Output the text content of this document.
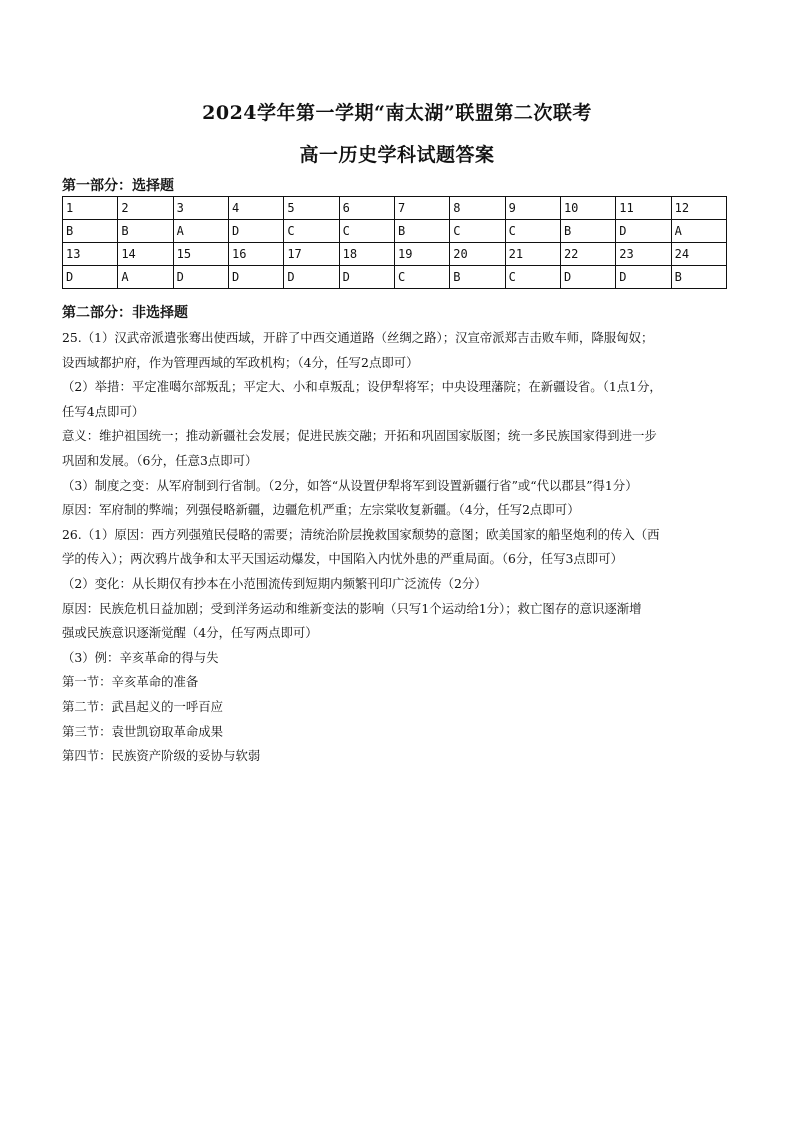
2024学年第一学期“南太湖”联盟第二次联考
高一历史学科试题答案
第一部分：选择题
1	2	3	4	5	6	7	8	9	10	11	12
B	B	A	D	C	C	B	C	C	B	D	A
13	14	15	16	17	18	19	20	21	22	23	24
D	A	D	D	D	D	C	B	C	D	D	B
第二部分：非选择题

25.（1）汉武帝派遣张骞出使西域，开辟了中西交通道路（丝绸之路）；汉宣帝派郑吉击败车师，降服匈奴；

设西域都护府，作为管理西域的军政机构；（4分，任写2点即可）

（2）举措：平定准噶尔部叛乱；平定大、小和卓叛乱；设伊犁将军；中央设理藩院；在新疆设省。（1点1分，

任写4点即可）

意义：维护祖国统一；推动新疆社会发展；促进民族交融；开拓和巩固国家版图；统一多民族国家得到进一步

巩固和发展。（6分，任意3点即可）

（3）制度之变：从军府制到行省制。（2分，如答“从设置伊犁将军到设置新疆行省”或“代以郡县”得1分）

原因：军府制的弊端；列强侵略新疆，边疆危机严重；左宗棠收复新疆。（4分，任写2点即可）

26.（1）原因：西方列强殖民侵略的需要；清统治阶层挽救国家颓势的意图；欧美国家的船坚炮利的传入（西

学的传入）；两次鸦片战争和太平天国运动爆发，中国陷入内忧外患的严重局面。（6分，任写3点即可）

（2）变化：从长期仅有抄本在小范围流传到短期内频繁刊印广泛流传（2分）

原因：民族危机日益加剧；受到洋务运动和维新变法的影响（只写1个运动给1分）；救亡图存的意识逐渐增

强或民族意识逐渐觉醒（4分，任写两点即可）

（3）例：辛亥革命的得与失

第一节：辛亥革命的准备

第二节：武昌起义的一呼百应

第三节：袁世凯窃取革命成果

第四节：民族资产阶级的妥协与软弱
